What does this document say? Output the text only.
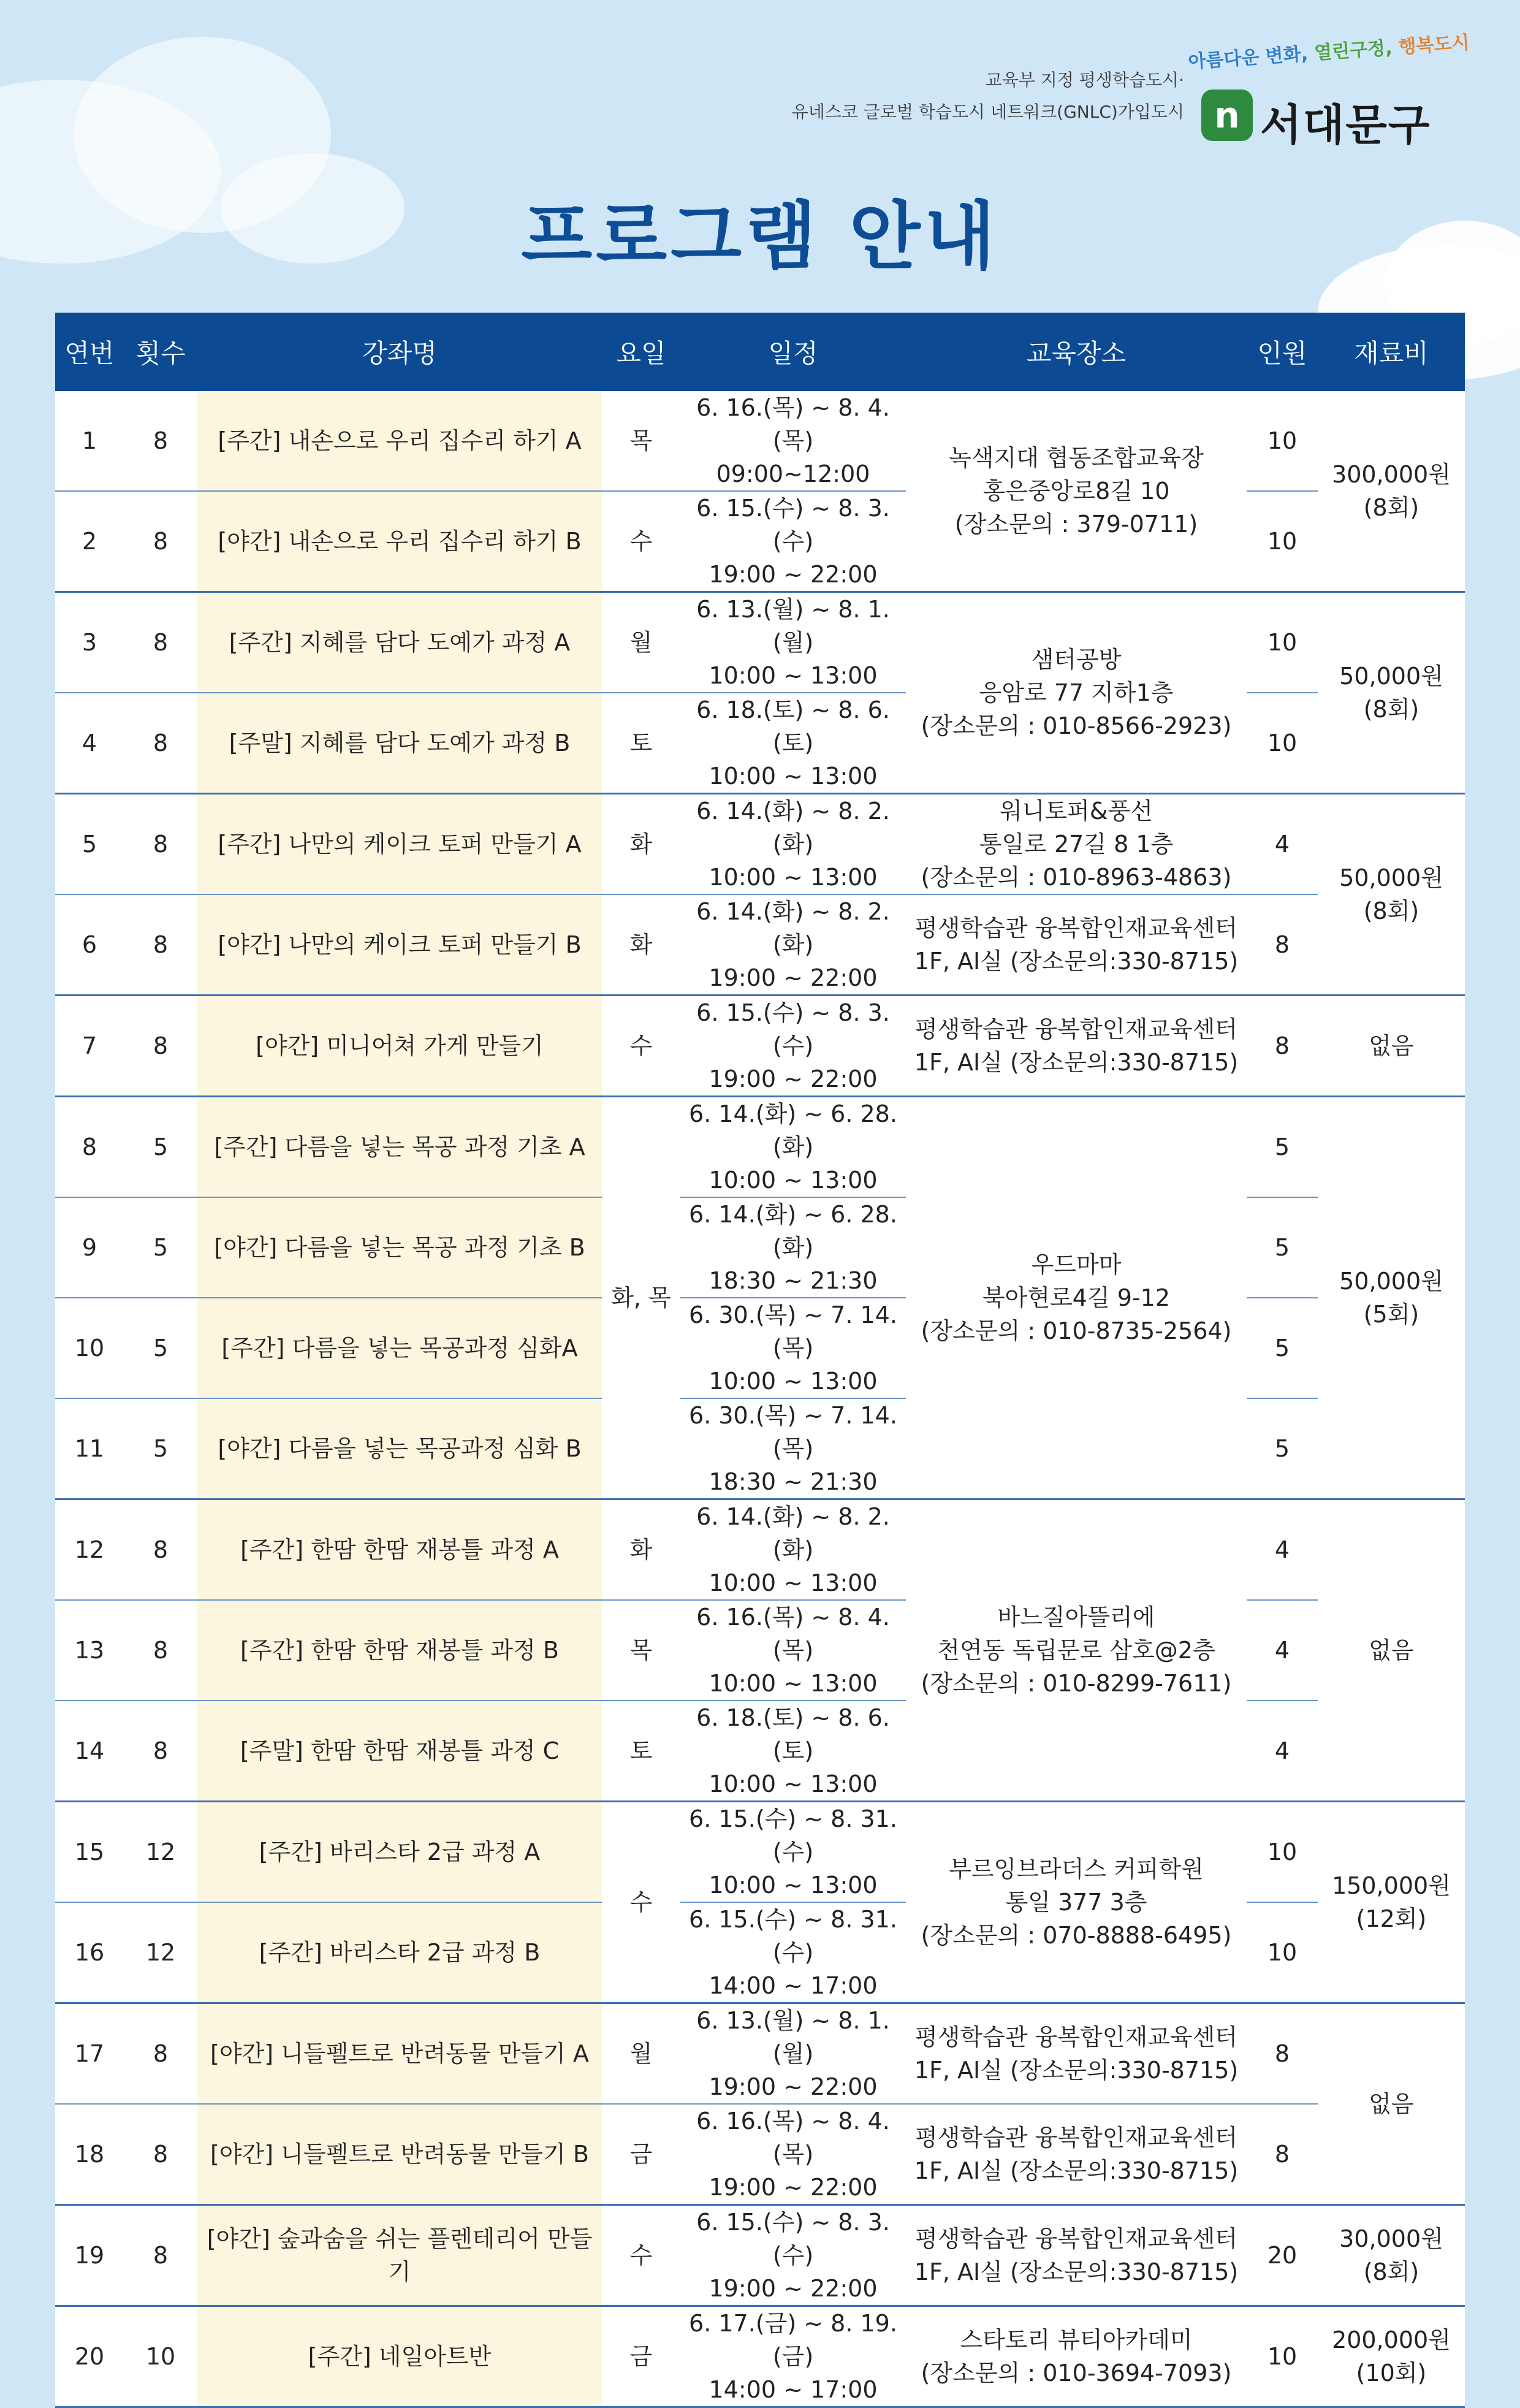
교육부 지정 평생학습도시·
유네스코 글로벌 학습도시 네트워크(GNLC)가입도시
아름다운 변화, 열린구정, 행복도시
n 서대문구
프로그램 안내
연번	횟수	강좌명	요일	일정	교육장소	인원	재료비
1	8	[주간] 내손으로 우리 집수리 하기 A	목	6. 16.(목) ~ 8. 4.(목)
09:00~12:00	녹색지대 협동조합교육장
홍은중앙로8길 10
(장소문의 : 379-0711)	10	300,000원
(8회)
2	8	[야간] 내손으로 우리 집수리 하기 B	수	6. 15.(수) ~ 8. 3.(수)
19:00 ~ 22:00		10	
3	8	[주간] 지혜를 담다 도예가 과정 A	월	6. 13.(월) ~ 8. 1.(월)
10:00 ~ 13:00	샘터공방
응암로 77 지하1층
(장소문의 : 010-8566-2923)	10	50,000원
(8회)
4	8	[주말] 지혜를 담다 도예가 과정 B	토	6. 18.(토) ~ 8. 6.(토)
10:00 ~ 13:00		10	
5	8	[주간] 나만의 케이크 토퍼 만들기 A	화	6. 14.(화) ~ 8. 2.(화)
10:00 ~ 13:00	워니토퍼&풍선
통일로 27길 8 1층
(장소문의 : 010-8963-4863)	4	50,000원
(8회)
6	8	[야간] 나만의 케이크 토퍼 만들기 B	화	6. 14.(화) ~ 8. 2.(화)
19:00 ~ 22:00	평생학습관 융복합인재교육센터
1F, AI실 (장소문의:330-8715)	8	
7	8	[야간] 미니어쳐 가게 만들기	수	6. 15.(수) ~ 8. 3.(수)
19:00 ~ 22:00	평생학습관 융복합인재교육센터
1F, AI실 (장소문의:330-8715)	8	없음
8	5	[주간] 다름을 넣는 목공 과정 기초 A	화, 목	6. 14.(화) ~ 6. 28.(화)
10:00 ~ 13:00	우드마마
북아현로4길 9-12
(장소문의 : 010-8735-2564)	5	50,000원
(5회)
9	5	[야간] 다름을 넣는 목공 과정 기초 B		6. 14.(화) ~ 6. 28.(화)
18:30 ~ 21:30		5	
10	5	[주간] 다름을 넣는 목공과정 심화A		6. 30.(목) ~ 7. 14.(목)
10:00 ~ 13:00		5	
11	5	[야간] 다름을 넣는 목공과정 심화 B		6. 30.(목) ~ 7. 14.(목)
18:30 ~ 21:30		5	
12	8	[주간] 한땀 한땀 재봉틀 과정 A	화	6. 14.(화) ~ 8. 2.(화)
10:00 ~ 13:00	바느질아뜰리에
천연동 독립문로 삼호@2층
(장소문의 : 010-8299-7611)	4	없음
13	8	[주간] 한땀 한땀 재봉틀 과정 B	목	6. 16.(목) ~ 8. 4.(목)
10:00 ~ 13:00		4	
14	8	[주말] 한땀 한땀 재봉틀 과정 C	토	6. 18.(토) ~ 8. 6.(토)
10:00 ~ 13:00		4	
15	12	[주간] 바리스타 2급 과정 A	수	6. 15.(수) ~ 8. 31.(수)
10:00 ~ 13:00	부르잉브라더스 커피학원
통일 377 3층
(장소문의 : 070-8888-6495)	10	150,000원
(12회)
16	12	[주간] 바리스타 2급 과정 B		6. 15.(수) ~ 8. 31.(수)
14:00 ~ 17:00		10	
17	8	[야간] 니들펠트로 반려동물 만들기 A	월	6. 13.(월) ~ 8. 1.(월)
19:00 ~ 22:00	평생학습관 융복합인재교육센터
1F, AI실 (장소문의:330-8715)	8	없음
18	8	[야간] 니들펠트로 반려동물 만들기 B	금	6. 16.(목) ~ 8. 4.(목)
19:00 ~ 22:00	평생학습관 융복합인재교육센터
1F, AI실 (장소문의:330-8715)	8	
19	8	[야간] 숲과숨을 쉬는 플렌테리어 만들기	수	6. 15.(수) ~ 8. 3.(수)
19:00 ~ 22:00	평생학습관 융복합인재교육센터
1F, AI실 (장소문의:330-8715)	20	30,000원
(8회)
20	10	[주간] 네일아트반	금	6. 17.(금) ~ 8. 19.(금)
14:00 ~ 17:00	스타토리 뷰티아카데미
(장소문의 : 010-3694-7093)	10	200,000원
(10회)
